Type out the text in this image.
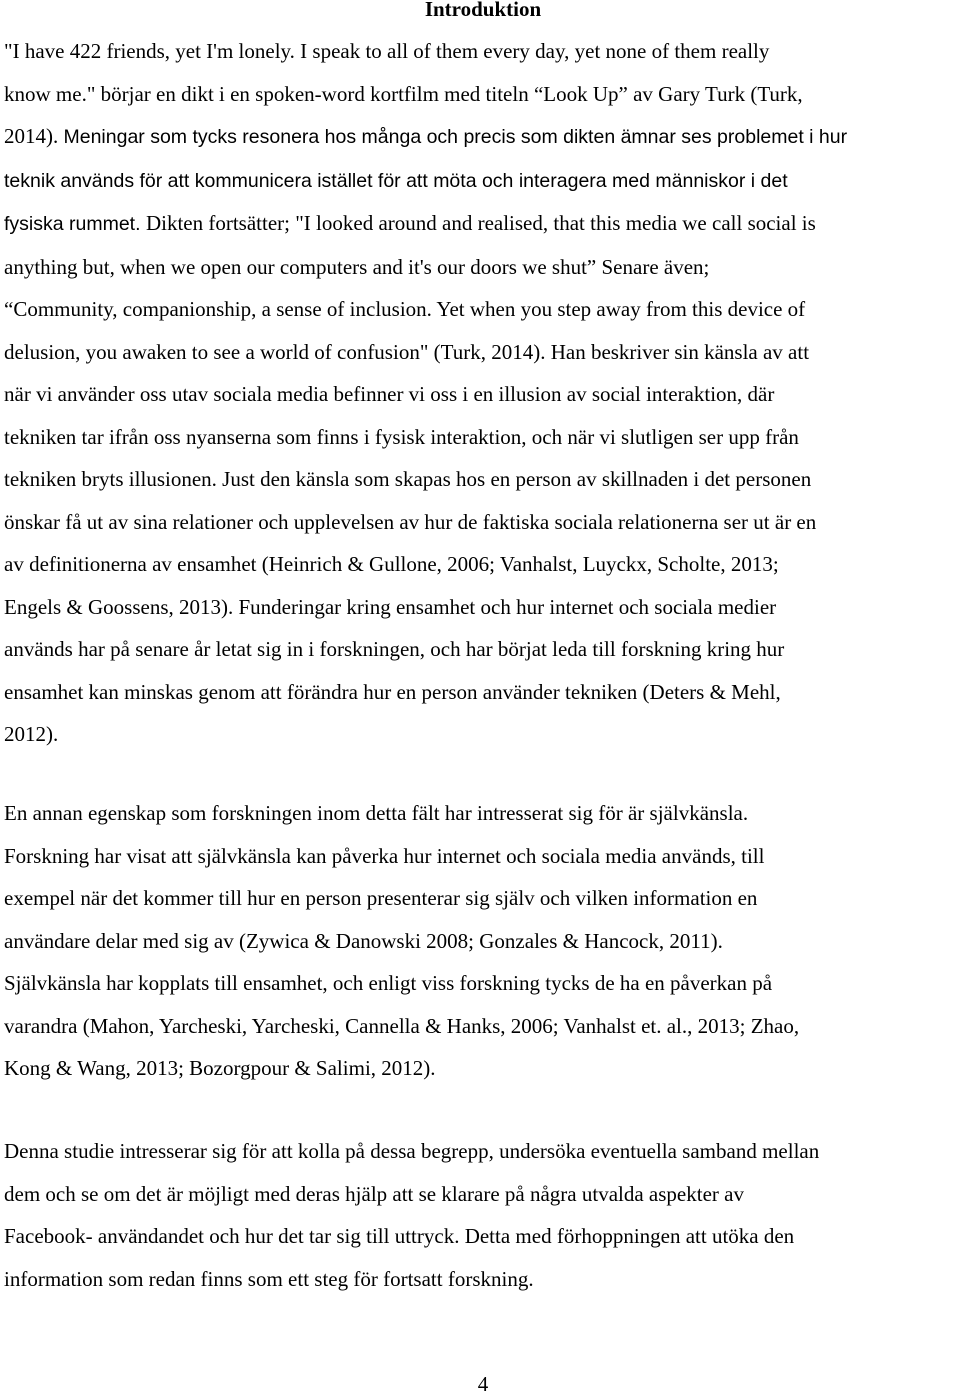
Introduktion
"I have 422 friends, yet I'm lonely. I speak to all of them every day, yet none of them really
know me." börjar en dikt i en spoken-word kortfilm med titeln “Look Up” av Gary Turk (Turk,
2014). Meningar som tycks resonera hos många och precis som dikten ämnar ses problemet i hur
teknik används för att kommunicera istället för att möta och interagera med människor i det
fysiska rummet. Dikten fortsätter; "I looked around and realised, that this media we call social is
anything but, when we open our computers and it's our doors we shut” Senare även;
“Community, companionship, a sense of inclusion. Yet when you step away from this device of
delusion, you awaken to see a world of confusion" (Turk, 2014). Han beskriver sin känsla av att
när vi använder oss utav sociala media befinner vi oss i en illusion av social interaktion, där
tekniken tar ifrån oss nyanserna som finns i fysisk interaktion, och när vi slutligen ser upp från
tekniken bryts illusionen. Just den känsla som skapas hos en person av skillnaden i det personen
önskar få ut av sina relationer och upplevelsen av hur de faktiska sociala relationerna ser ut är en
av definitionerna av ensamhet (Heinrich & Gullone, 2006; Vanhalst, Luyckx, Scholte, 2013;
Engels & Goossens, 2013). Funderingar kring ensamhet och hur internet och sociala medier
används har på senare år letat sig in i forskningen, och har börjat leda till forskning kring hur
ensamhet kan minskas genom att förändra hur en person använder tekniken (Deters & Mehl,
2012).
En annan egenskap som forskningen inom detta fält har intresserat sig för är självkänsla.
Forskning har visat att självkänsla kan påverka hur internet och sociala media används, till
exempel när det kommer till hur en person presenterar sig själv och vilken information en
användare delar med sig av (Zywica & Danowski 2008; Gonzales & Hancock, 2011).
Självkänsla har kopplats till ensamhet, och enligt viss forskning tycks de ha en påverkan på
varandra (Mahon, Yarcheski, Yarcheski, Cannella & Hanks, 2006; Vanhalst et. al., 2013; Zhao,
Kong & Wang, 2013; Bozorgpour & Salimi, 2012).
Denna studie intresserar sig för att kolla på dessa begrepp, undersöka eventuella samband mellan
dem och se om det är möjligt med deras hjälp att se klarare på några utvalda aspekter av
Facebook- användandet och hur det tar sig till uttryck. Detta med förhoppningen att utöka den
information som redan finns som ett steg för fortsatt forskning.
4
